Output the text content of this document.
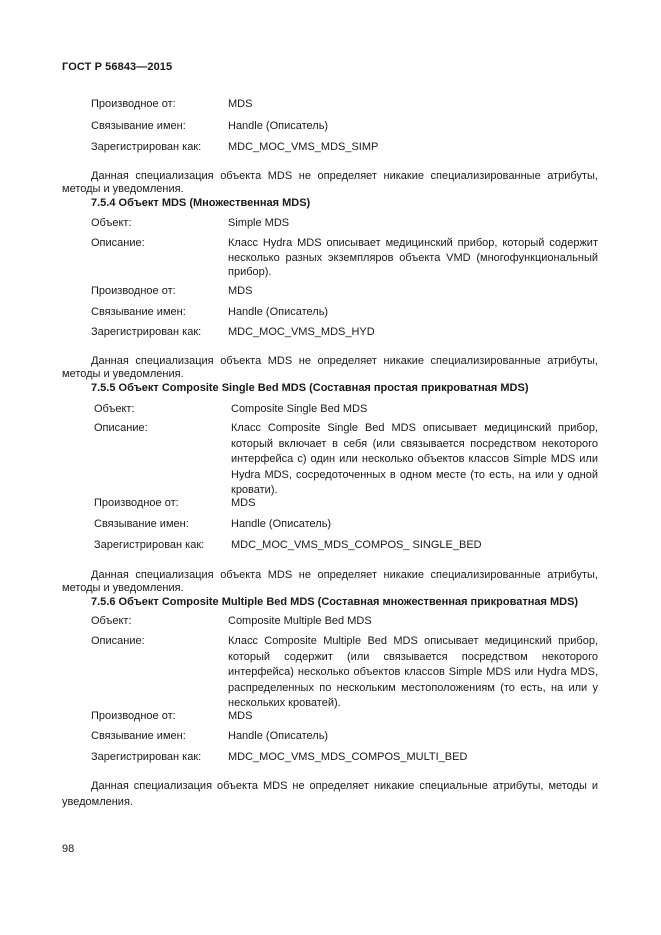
ГОСТ Р 56843—2015
Производное от:	MDS
Связывание имен:	Handle (Описатель)
Зарегистрирован как: MDC_MOC_VMS_MDS_SIMP
Данная специализация объекта MDS не определяет никакие специализированные атрибуты, методы и уведомления.
7.5.4 Объект MDS (Множественная MDS)
Объект:	Simple MDS
Описание:	Класс Hydra MDS описывает медицинский прибор, который содержит несколько разных экземпляров объекта VMD (многофункциональный прибор).
Производное от:	MDS
Связывание имен:	Handle (Описатель)
Зарегистрирован как: MDC_MOC_VMS_MDS_HYD
Данная специализация объекта MDS не определяет никакие специализированные атрибуты, методы и уведомления.
7.5.5 Объект Composite Single Bed MDS (Составная простая прикроватная MDS)
Объект:	Composite Single Bed MDS
Описание:	Класс Composite Single Bed MDS описывает медицинский прибор, который включает в себя (или связывается посредством некоторого интерфейса c) один или несколько объектов классов Simple MDS или Hydra MDS, сосредоточенных в одном месте (то есть, на или у одной кровати).
Производное от:	MDS
Связывание имен:	Handle (Описатель)
Зарегистрирован как: MDC_MOC_VMS_MDS_COMPOS_ SINGLE_BED
Данная специализация объекта MDS не определяет никакие специализированные атрибуты, методы и уведомления.
7.5.6 Объект Composite Multiple Bed MDS (Составная множественная прикроватная MDS)
Объект:	Composite Multiple Bed MDS
Описание:	Класс Composite Multiple Bed MDS описывает медицинский прибор, который содержит (или связывается посредством некоторого интерфейса) несколько объектов классов Simple MDS или Hydra MDS, распределенных по нескольким местоположениям (то есть, на или у нескольких кроватей).
Производное от:	MDS
Связывание имен:	Handle (Описатель)
Зарегистрирован как: MDC_MOC_VMS_MDS_COMPOS_MULTI_BED
Данная специализация объекта MDS не определяет никакие специальные атрибуты, методы и уведомления.
98
